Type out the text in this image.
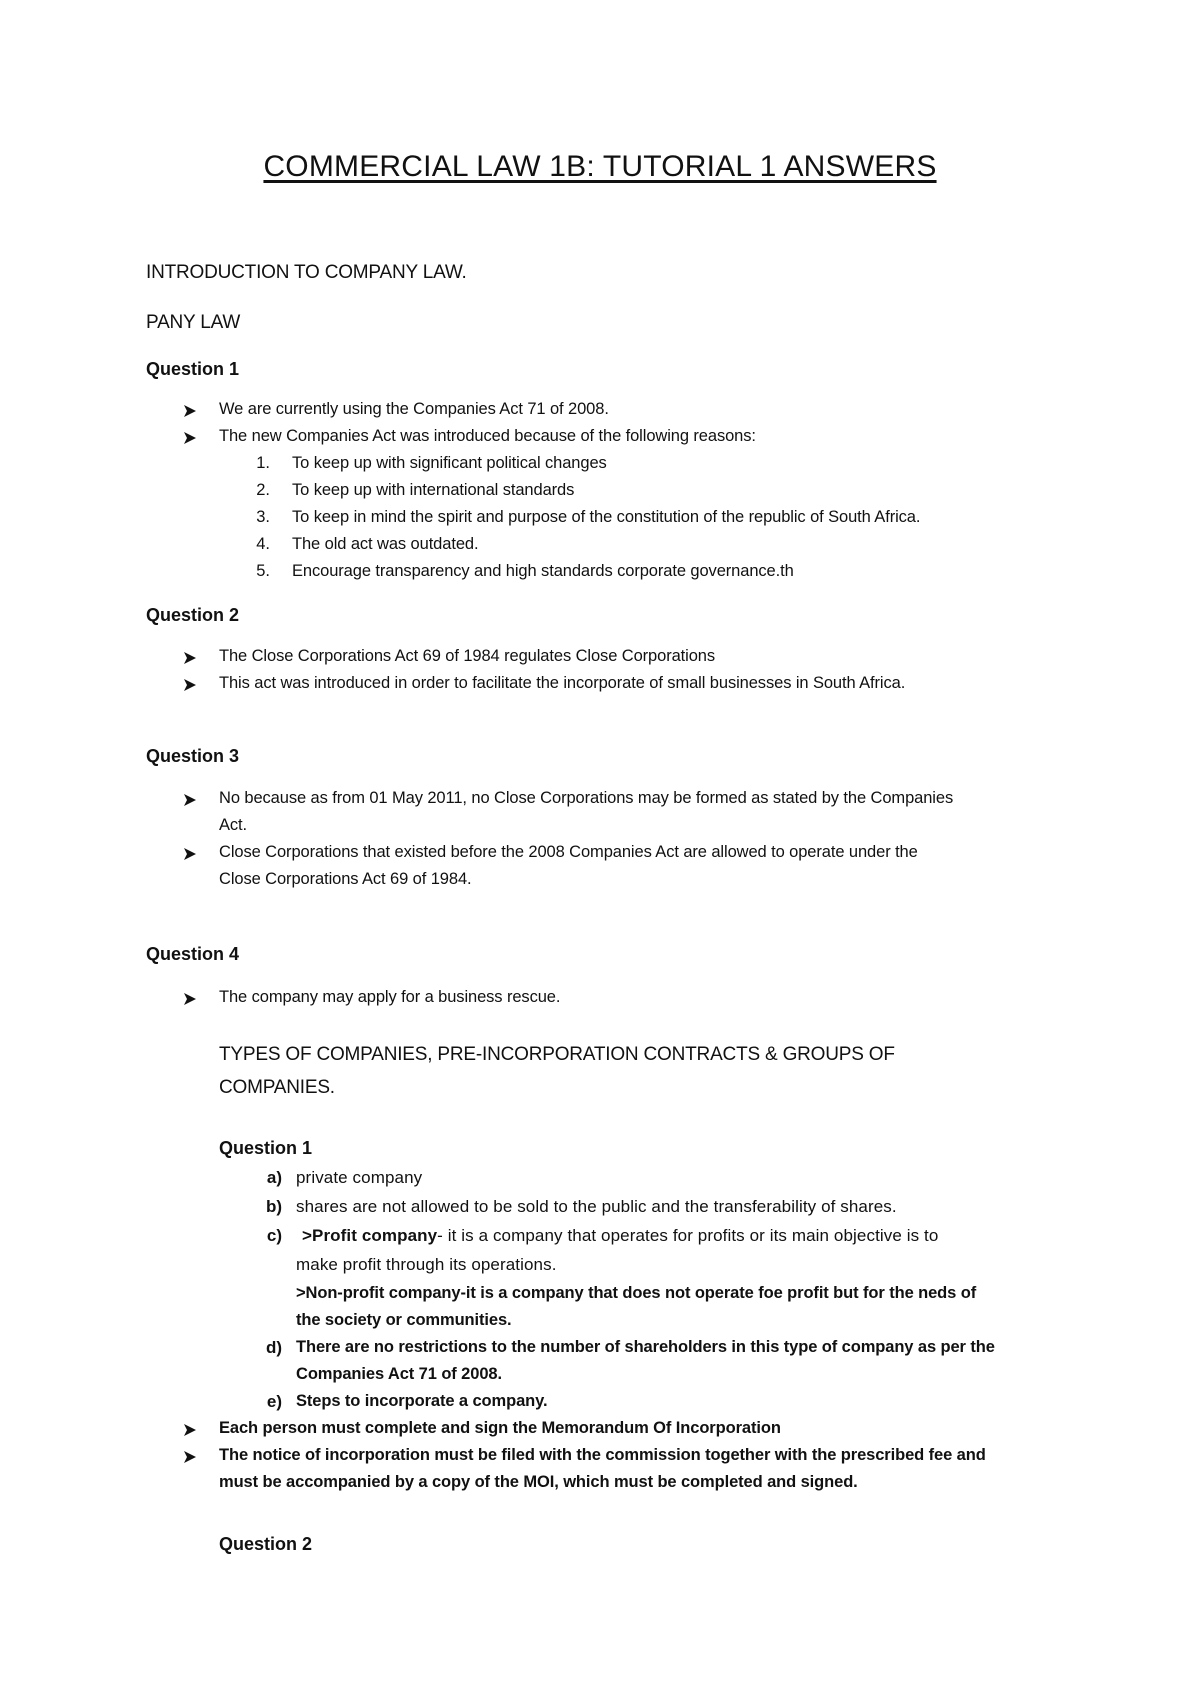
COMMERCIAL LAW 1B: TUTORIAL 1 ANSWERS
INTRODUCTION TO COMPANY LAW.
PANY LAW
Question 1
We are currently using the Companies Act 71 of 2008.
The new Companies Act was introduced because of the following reasons:
1. To keep up with significant political changes
2. To keep up with international standards
3. To keep in mind the spirit and purpose of the constitution of the republic of South Africa.
4. The old act was outdated.
5. Encourage transparency and high standards corporate governance.th
Question 2
The Close Corporations Act 69 of 1984 regulates Close Corporations
This act was introduced in order to facilitate the incorporate of small businesses in South Africa.
Question 3
No because as from 01 May 2011, no Close Corporations may be formed as stated by the Companies
Act.
Close Corporations that existed before the 2008 Companies Act are allowed to operate under the
Close Corporations Act 69 of 1984.
Question 4
The company may apply for a business rescue.
TYPES OF COMPANIES, PRE-INCORPORATION CONTRACTS & GROUPS OF
COMPANIES.
Question 1
a) private company
b) shares are not allowed to be sold to the public and the transferability of shares.
c) >Profit company- it is a company that operates for profits or its main objective is to
make profit through its operations.
>Non-profit company-it is a company that does not operate foe profit but for the neds of
the society or communities.
d) There are no restrictions to the number of shareholders in this type of company as per the
Companies Act 71 of 2008.
e) Steps to incorporate a company.
Each person must complete and sign the Memorandum Of Incorporation
The notice of incorporation must be filed with the commission together with the prescribed fee and
must be accompanied by a copy of the MOI, which must be completed and signed.
Question 2
